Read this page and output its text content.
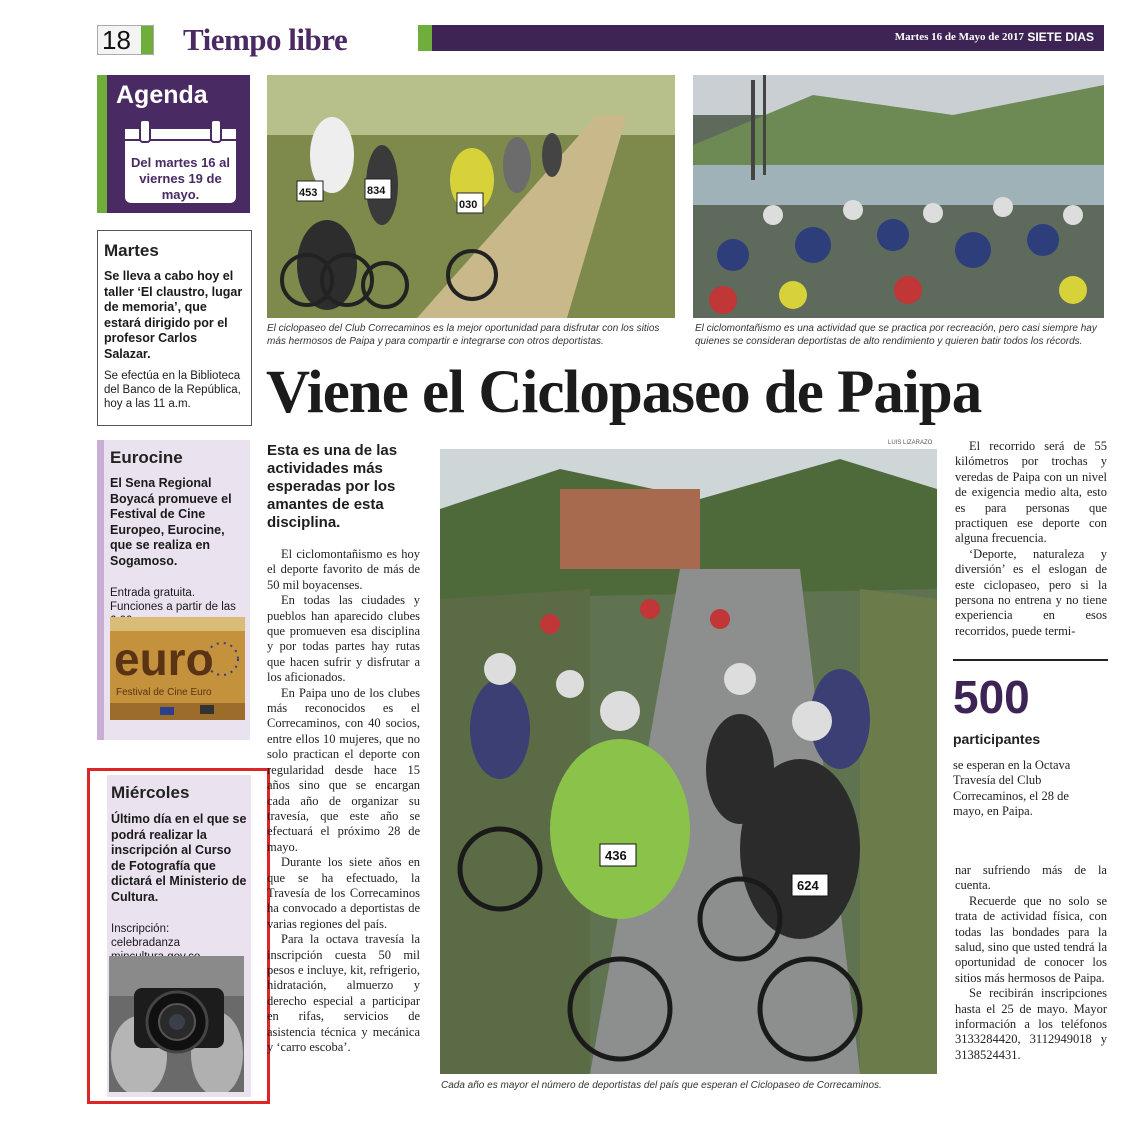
18	Tiempo libre	Martes 16 de Mayo de 2017 SIETE DIAS
Agenda
Del martes 16 al viernes 19 de mayo.
Martes
Se lleva a cabo hoy el taller ‘El claustro, lugar de memoria’, que estará dirigido por el profesor Carlos Salazar.
Se efectúa en la Biblioteca del Banco de la República, hoy a las 11 a.m.
Eurocine
El Sena Regional Boyacá promueve el Festival de Cine Europeo, Eurocine, que se realiza en Sogamoso.
Entrada gratuita. Funciones a partir de las
euro
Festival de Cine Euro
Miércoles
Último día en el que se podrá realizar la inscripción al Curso de Fotografía que dictará el Ministerio de Cultura.
Inscripción: celebradanza
453	834
030
El ciclopaseo del Club Correcaminos es la mejor oportunidad para disfrutar con los sitios más hermosos de Paipa y para compartir e integrarse con otros deportistas.
El ciclomontañismo es una actividad que se practica por recreación, pero casi siempre hay quienes se consideran deportistas de alto rendimiento y quieren batir todos los récords.
Viene el Ciclopaseo de Paipa
Esta es una de las actividades más esperadas por los amantes de esta disciplina.

El ciclomontañismo es hoy el deporte favorito de más de 50 mil boyacenses.

En todas las ciudades y pueblos han aparecido clubes que promueven esa disciplina y por todas partes hay rutas que hacen sufrir y disfrutar a los aficionados.

En Paipa uno de los clubes más reconocidos es el Correcaminos, con 40 socios, entre ellos 10 mujeres, que no solo practican el deporte con regularidad desde hace 15 años sino que se encargan cada año de organizar su travesía, que este año se efectuará el próximo 28 de mayo.

Durante los siete años en que se ha efectuado, la Travesía de los Correcaminos ha convocado a deportistas de varias regiones del país.

Para la octava travesía la inscripción cuesta 50 mil pesos e incluye, kit, refrigerio, hidratación, almuerzo y derecho especial a participar en rifas, servicios de asistencia técnica y mecánica y ‘carro escoba’.

LUIS LIZARAZO
436
624
Cada año es mayor el número de deportistas del país que esperan el Ciclopaseo de Correcaminos.

El recorrido será de 55 kilómetros por trochas y veredas de Paipa con un nivel de exigencia medio alta, esto es para personas que practiquen ese deporte con alguna frecuencia.

‘Deporte, naturaleza y diversión’ es el eslogan de este ciclopaseo, pero si la persona no entrena y no tiene experiencia en esos recorridos, puede termi-

500
participantes
se esperan en la Octava Travesía del Club Correcaminos, el 28 de mayo, en Paipa.

nar sufriendo más de la cuenta.

Recuerde que no solo se trata de actividad física, con todas las bondades para la salud, sino que usted tendrá la oportunidad de conocer los sitios más hermosos de Paipa.

Se recibirán inscripciones hasta el 25 de mayo. Mayor información a los teléfonos 3133284420, 3112949018 y 3138524431.
